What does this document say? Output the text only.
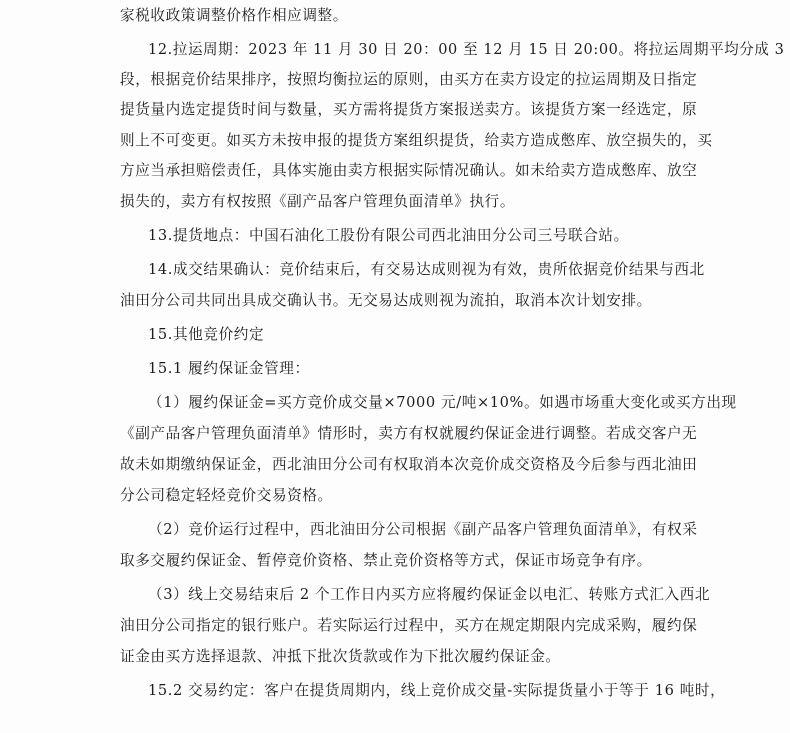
家税收政策调整价格作相应调整。
12.拉运周期：2023 年 11 月 30 日 20：00 至 12 月 15 日 20:00。将拉运周期平均分成 3
段，根据竞价结果排序，按照均衡拉运的原则，由买方在卖方设定的拉运周期及日指定
提货量内选定提货时间与数量，买方需将提货方案报送卖方。该提货方案一经选定，原
则上不可变更。如买方未按申报的提货方案组织提货，给卖方造成憋库、放空损失的，买
方应当承担赔偿责任，具体实施由卖方根据实际情况确认。如未给卖方造成憋库、放空
损失的，卖方有权按照《副产品客户管理负面清单》执行。
13.提货地点：中国石油化工股份有限公司西北油田分公司三号联合站。
14.成交结果确认：竞价结束后，有交易达成则视为有效，贵所依据竞价结果与西北
油田分公司共同出具成交确认书。无交易达成则视为流拍，取消本次计划安排。
15.其他竞价约定
15.1 履约保证金管理：
（1）履约保证金=买方竞价成交量×7000 元/吨×10%。如遇市场重大变化或买方出现
《副产品客户管理负面清单》情形时，卖方有权就履约保证金进行调整。若成交客户无
故未如期缴纳保证金，西北油田分公司有权取消本次竞价成交资格及今后参与西北油田
分公司稳定轻烃竞价交易资格。
（2）竞价运行过程中，西北油田分公司根据《副产品客户管理负面清单》，有权采
取多交履约保证金、暂停竞价资格、禁止竞价资格等方式，保证市场竞争有序。
（3）线上交易结束后 2 个工作日内买方应将履约保证金以电汇、转账方式汇入西北
油田分公司指定的银行账户。若实际运行过程中，买方在规定期限内完成采购，履约保
证金由买方选择退款、冲抵下批次货款或作为下批次履约保证金。
15.2 交易约定：客户在提货周期内，线上竞价成交量-实际提货量小于等于 16 吨时，
